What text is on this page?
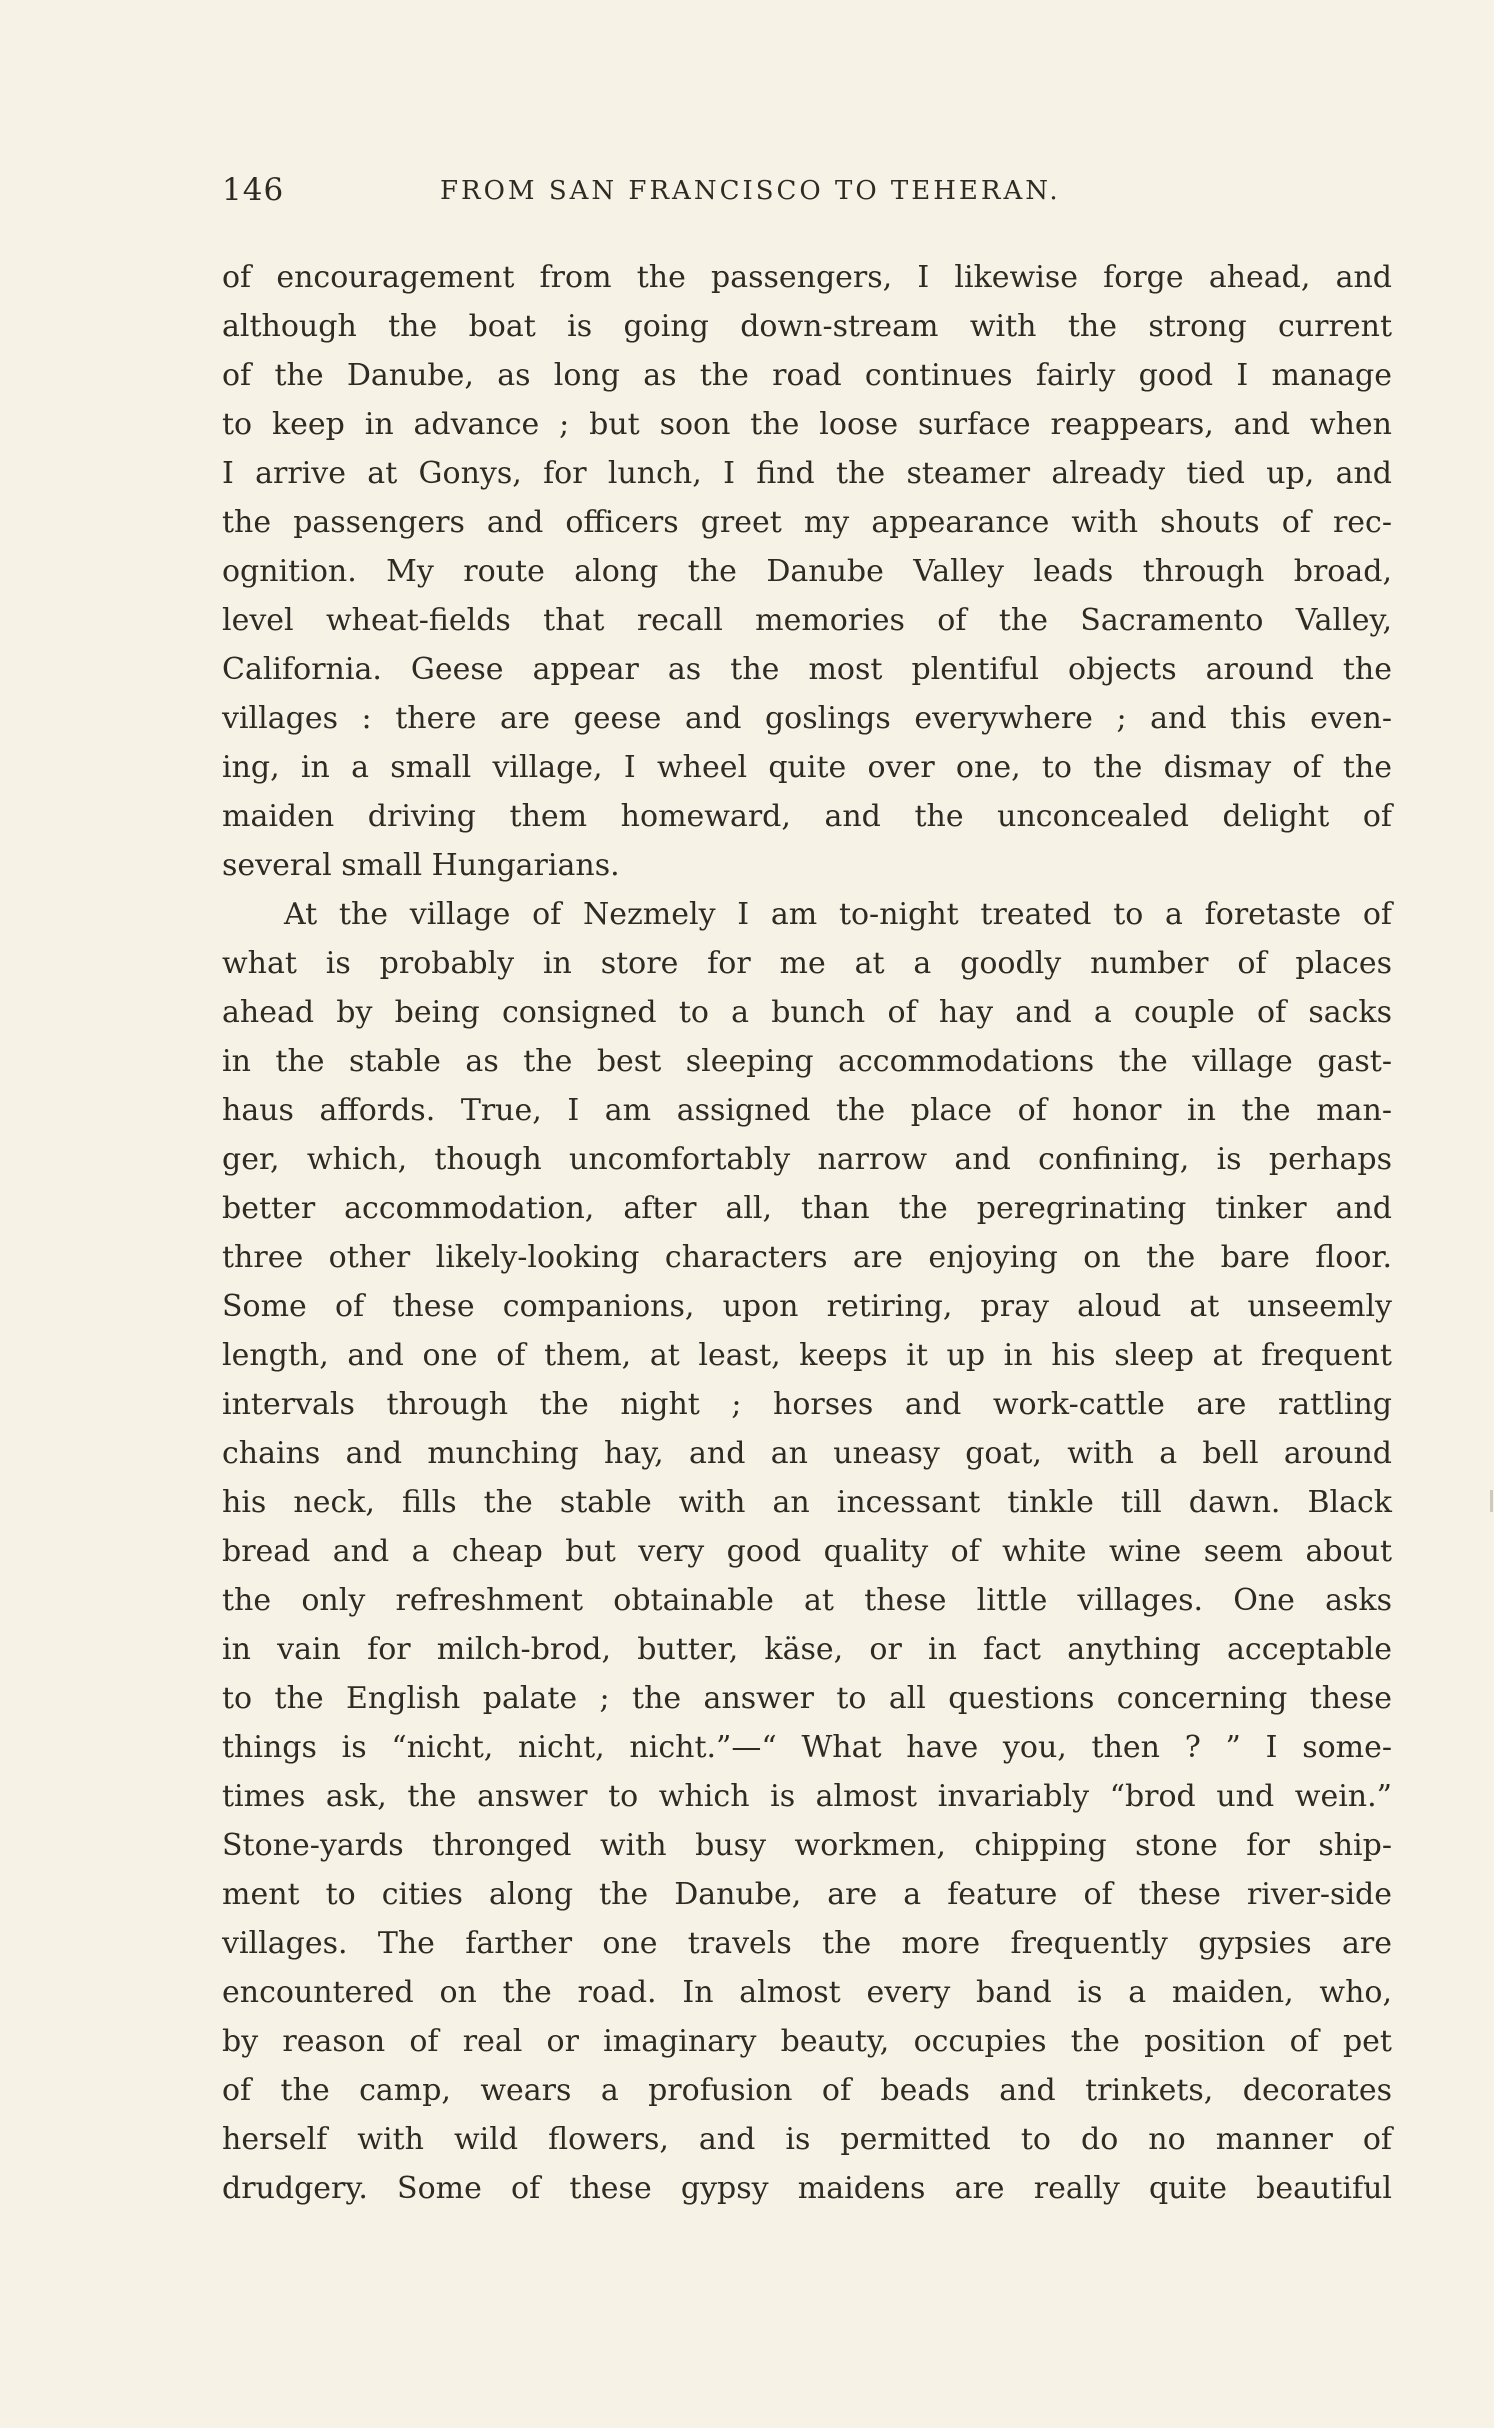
146	FROM SAN FRANCISCO TO TEHERAN.
of encouragement from the passengers, I likewise forge ahead, and
although the boat is going down-stream with the strong current
of the Danube, as long as the road continues fairly good I manage
to keep in advance ; but soon the loose surface reappears, and when
I arrive at Gonys, for lunch, I find the steamer already tied up, and
the passengers and officers greet my appearance with shouts of rec-
ognition. My route along the Danube Valley leads through broad,
level wheat-fields that recall memories of the Sacramento Valley,
California. Geese appear as the most plentiful objects around the
villages : there are geese and goslings everywhere ; and this even-
ing, in a small village, I wheel quite over one, to the dismay of the
maiden driving them homeward, and the unconcealed delight of
several small Hungarians.
At the village of Nezmely I am to-night treated to a foretaste of
what is probably in store for me at a goodly number of places
ahead by being consigned to a bunch of hay and a couple of sacks
in the stable as the best sleeping accommodations the village gast-
haus affords. True, I am assigned the place of honor in the man-
ger, which, though uncomfortably narrow and confining, is perhaps
better accommodation, after all, than the peregrinating tinker and
three other likely-looking characters are enjoying on the bare floor.
Some of these companions, upon retiring, pray aloud at unseemly
length, and one of them, at least, keeps it up in his sleep at frequent
intervals through the night ; horses and work-cattle are rattling
chains and munching hay, and an uneasy goat, with a bell around
his neck, fills the stable with an incessant tinkle till dawn. Black
bread and a cheap but very good quality of white wine seem about
the only refreshment obtainable at these little villages. One asks
in vain for milch-brod, butter, käse, or in fact anything acceptable
to the English palate ; the answer to all questions concerning these
things is “nicht, nicht, nicht.”—“ What have you, then ? ” I some-
times ask, the answer to which is almost invariably “brod und wein.”
Stone-yards thronged with busy workmen, chipping stone for ship-
ment to cities along the Danube, are a feature of these river-side
villages. The farther one travels the more frequently gypsies are
encountered on the road. In almost every band is a maiden, who,
by reason of real or imaginary beauty, occupies the position of pet
of the camp, wears a profusion of beads and trinkets, decorates
herself with wild flowers, and is permitted to do no manner of
drudgery. Some of these gypsy maidens are really quite beautiful
